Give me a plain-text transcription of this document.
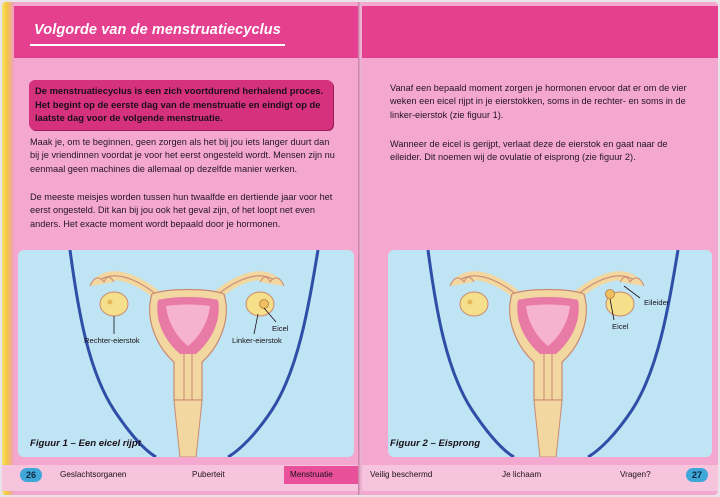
Volgorde van de menstruatiecyclus

De menstruatiecyclus is een zich voortdurend herhalend proces. Het begint op de eerste dag van de menstruatie en eindigt op de laatste dag voor de volgende menstruatie.

Maak je, om te beginnen, geen zorgen als het bij jou iets langer duurt dan bij je vriendinnen voordat je voor het eerst ongesteld wordt. Mensen zijn nu eenmaal geen machines die allemaal op dezelfde manier werken.

De meeste meisjes worden tussen hun twaalfde en dertiende jaar voor het eerst ongesteld. Dit kan bij jou ook het geval zijn, of het loopt net even anders. Het exacte moment wordt bepaald door je hormonen.

Rechter-eierstok
Eicel
Linker-eierstok
Figuur 1 – Een eicel rijpt
26	Geslachtsorganen	Puberteit	Menstruatie

Vanaf een bepaald moment zorgen je hormonen ervoor dat er om de vier weken een eicel rijpt in je eierstokken, soms in de rechter- en soms in de linker-eierstok (zie figuur 1).

Wanneer de eicel is gerijpt, verlaat deze de eierstok en gaat naar de eileider. Dit noemen wij de ovulatie of eisprong (zie figuur 2).

Eileider
Eicel
Figuur 2 – Eisprong
Veilig beschermd	Je lichaam	Vragen?	27
